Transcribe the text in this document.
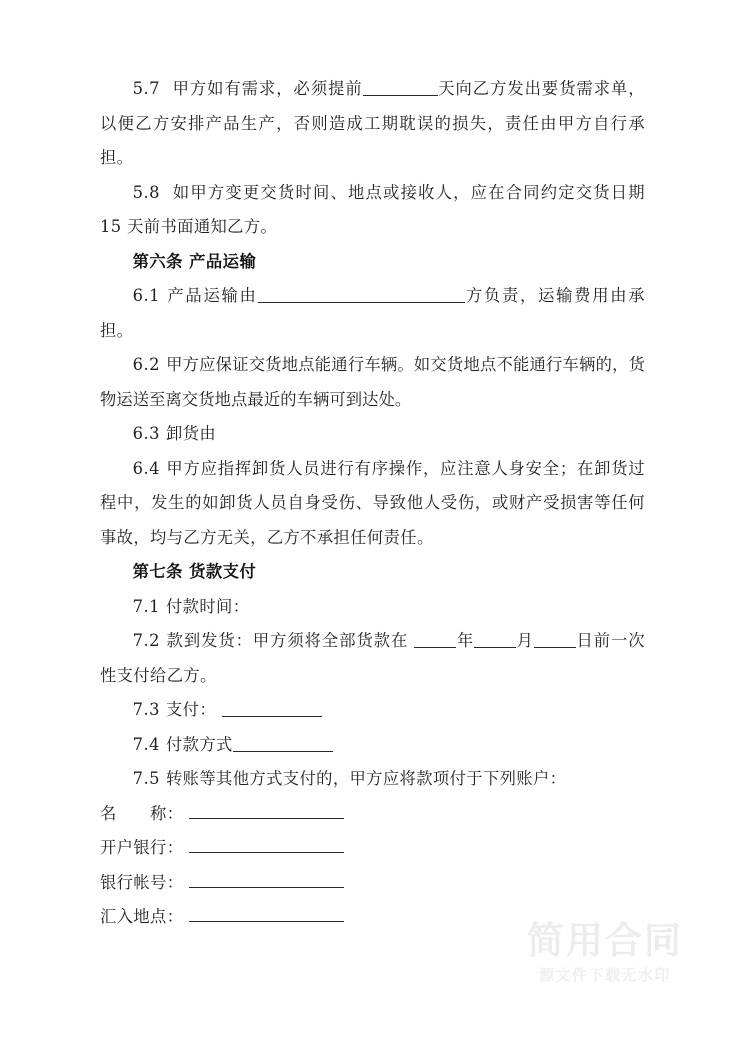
5.7 甲方如有需求，必须提前	天向乙方发出要货需求单，以便乙方安排产品生产，否则造成工期耽误的损失，责任由甲方自行承担。

5.8 如甲方变更交货时间、地点或接收人，应在合同约定交货日期 15 天前书面通知乙方。

第六条 产品运输

6.1 产品运输由	方负责，运输费用由承担。

6.2 甲方应保证交货地点能通行车辆。如交货地点不能通行车辆的，货物运送至离交货地点最近的车辆可到达处。

6.3 卸货由

6.4 甲方应指挥卸货人员进行有序操作，应注意人身安全；在卸货过程中，发生的如卸货人员自身受伤、导致他人受伤，或财产受损害等任何事故，均与乙方无关，乙方不承担任何责任。

第七条 货款支付

7.1 付款时间：

7.2 款到发货：甲方须将全部货款在	年	月	日前一次性支付给乙方。

7.3 支付：

7.4 付款方式

7.5 转账等其他方式支付的，甲方应将款项付于下列账户：

名　　称：
开户银行：
银行帐号：
汇入地点：
简用合同
源文件下载无水印
